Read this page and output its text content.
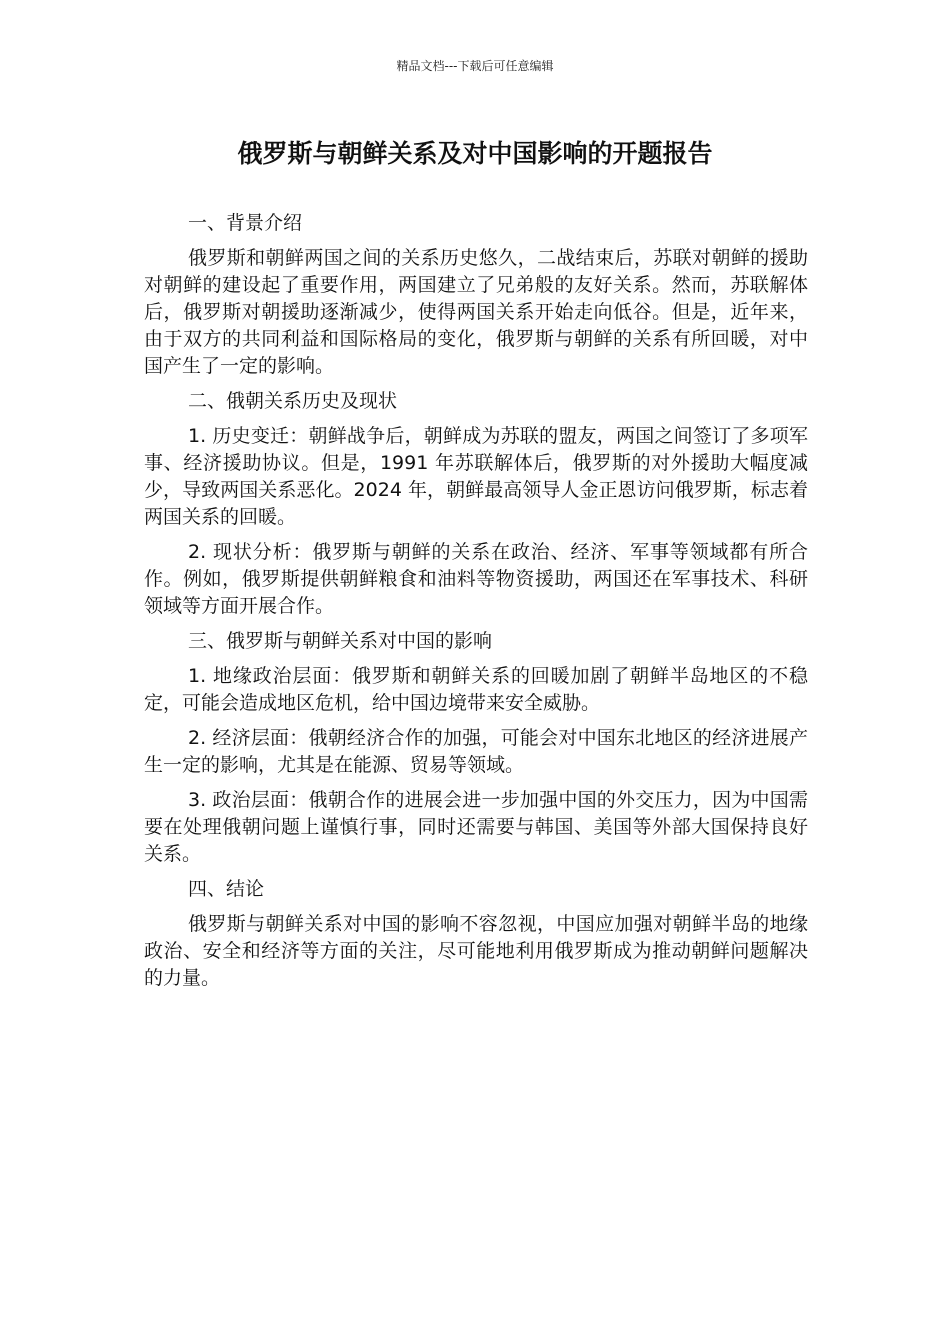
精品文档---下载后可任意编辑
俄罗斯与朝鲜关系及对中国影响的开题报告
一、背景介绍

俄罗斯和朝鲜两国之间的关系历史悠久，二战结束后，苏联对朝鲜的援助对朝鲜的建设起了重要作用，两国建立了兄弟般的友好关系。然而，苏联解体后，俄罗斯对朝援助逐渐减少，使得两国关系开始走向低谷。但是，近年来，由于双方的共同利益和国际格局的变化，俄罗斯与朝鲜的关系有所回暖，对中国产生了一定的影响。

二、俄朝关系历史及现状

1. 历史变迁：朝鲜战争后，朝鲜成为苏联的盟友，两国之间签订了多项军事、经济援助协议。但是，1991 年苏联解体后，俄罗斯的对外援助大幅度减少，导致两国关系恶化。2024 年，朝鲜最高领导人金正恩访问俄罗斯，标志着两国关系的回暖。

2. 现状分析：俄罗斯与朝鲜的关系在政治、经济、军事等领域都有所合作。例如，俄罗斯提供朝鲜粮食和油料等物资援助，两国还在军事技术、科研领域等方面开展合作。

三、俄罗斯与朝鲜关系对中国的影响

1. 地缘政治层面：俄罗斯和朝鲜关系的回暖加剧了朝鲜半岛地区的不稳定，可能会造成地区危机，给中国边境带来安全威胁。

2. 经济层面：俄朝经济合作的加强，可能会对中国东北地区的经济进展产生一定的影响，尤其是在能源、贸易等领域。

3. 政治层面：俄朝合作的进展会进一步加强中国的外交压力，因为中国需要在处理俄朝问题上谨慎行事，同时还需要与韩国、美国等外部大国保持良好关系。

四、结论

俄罗斯与朝鲜关系对中国的影响不容忽视，中国应加强对朝鲜半岛的地缘政治、安全和经济等方面的关注，尽可能地利用俄罗斯成为推动朝鲜问题解决的力量。
